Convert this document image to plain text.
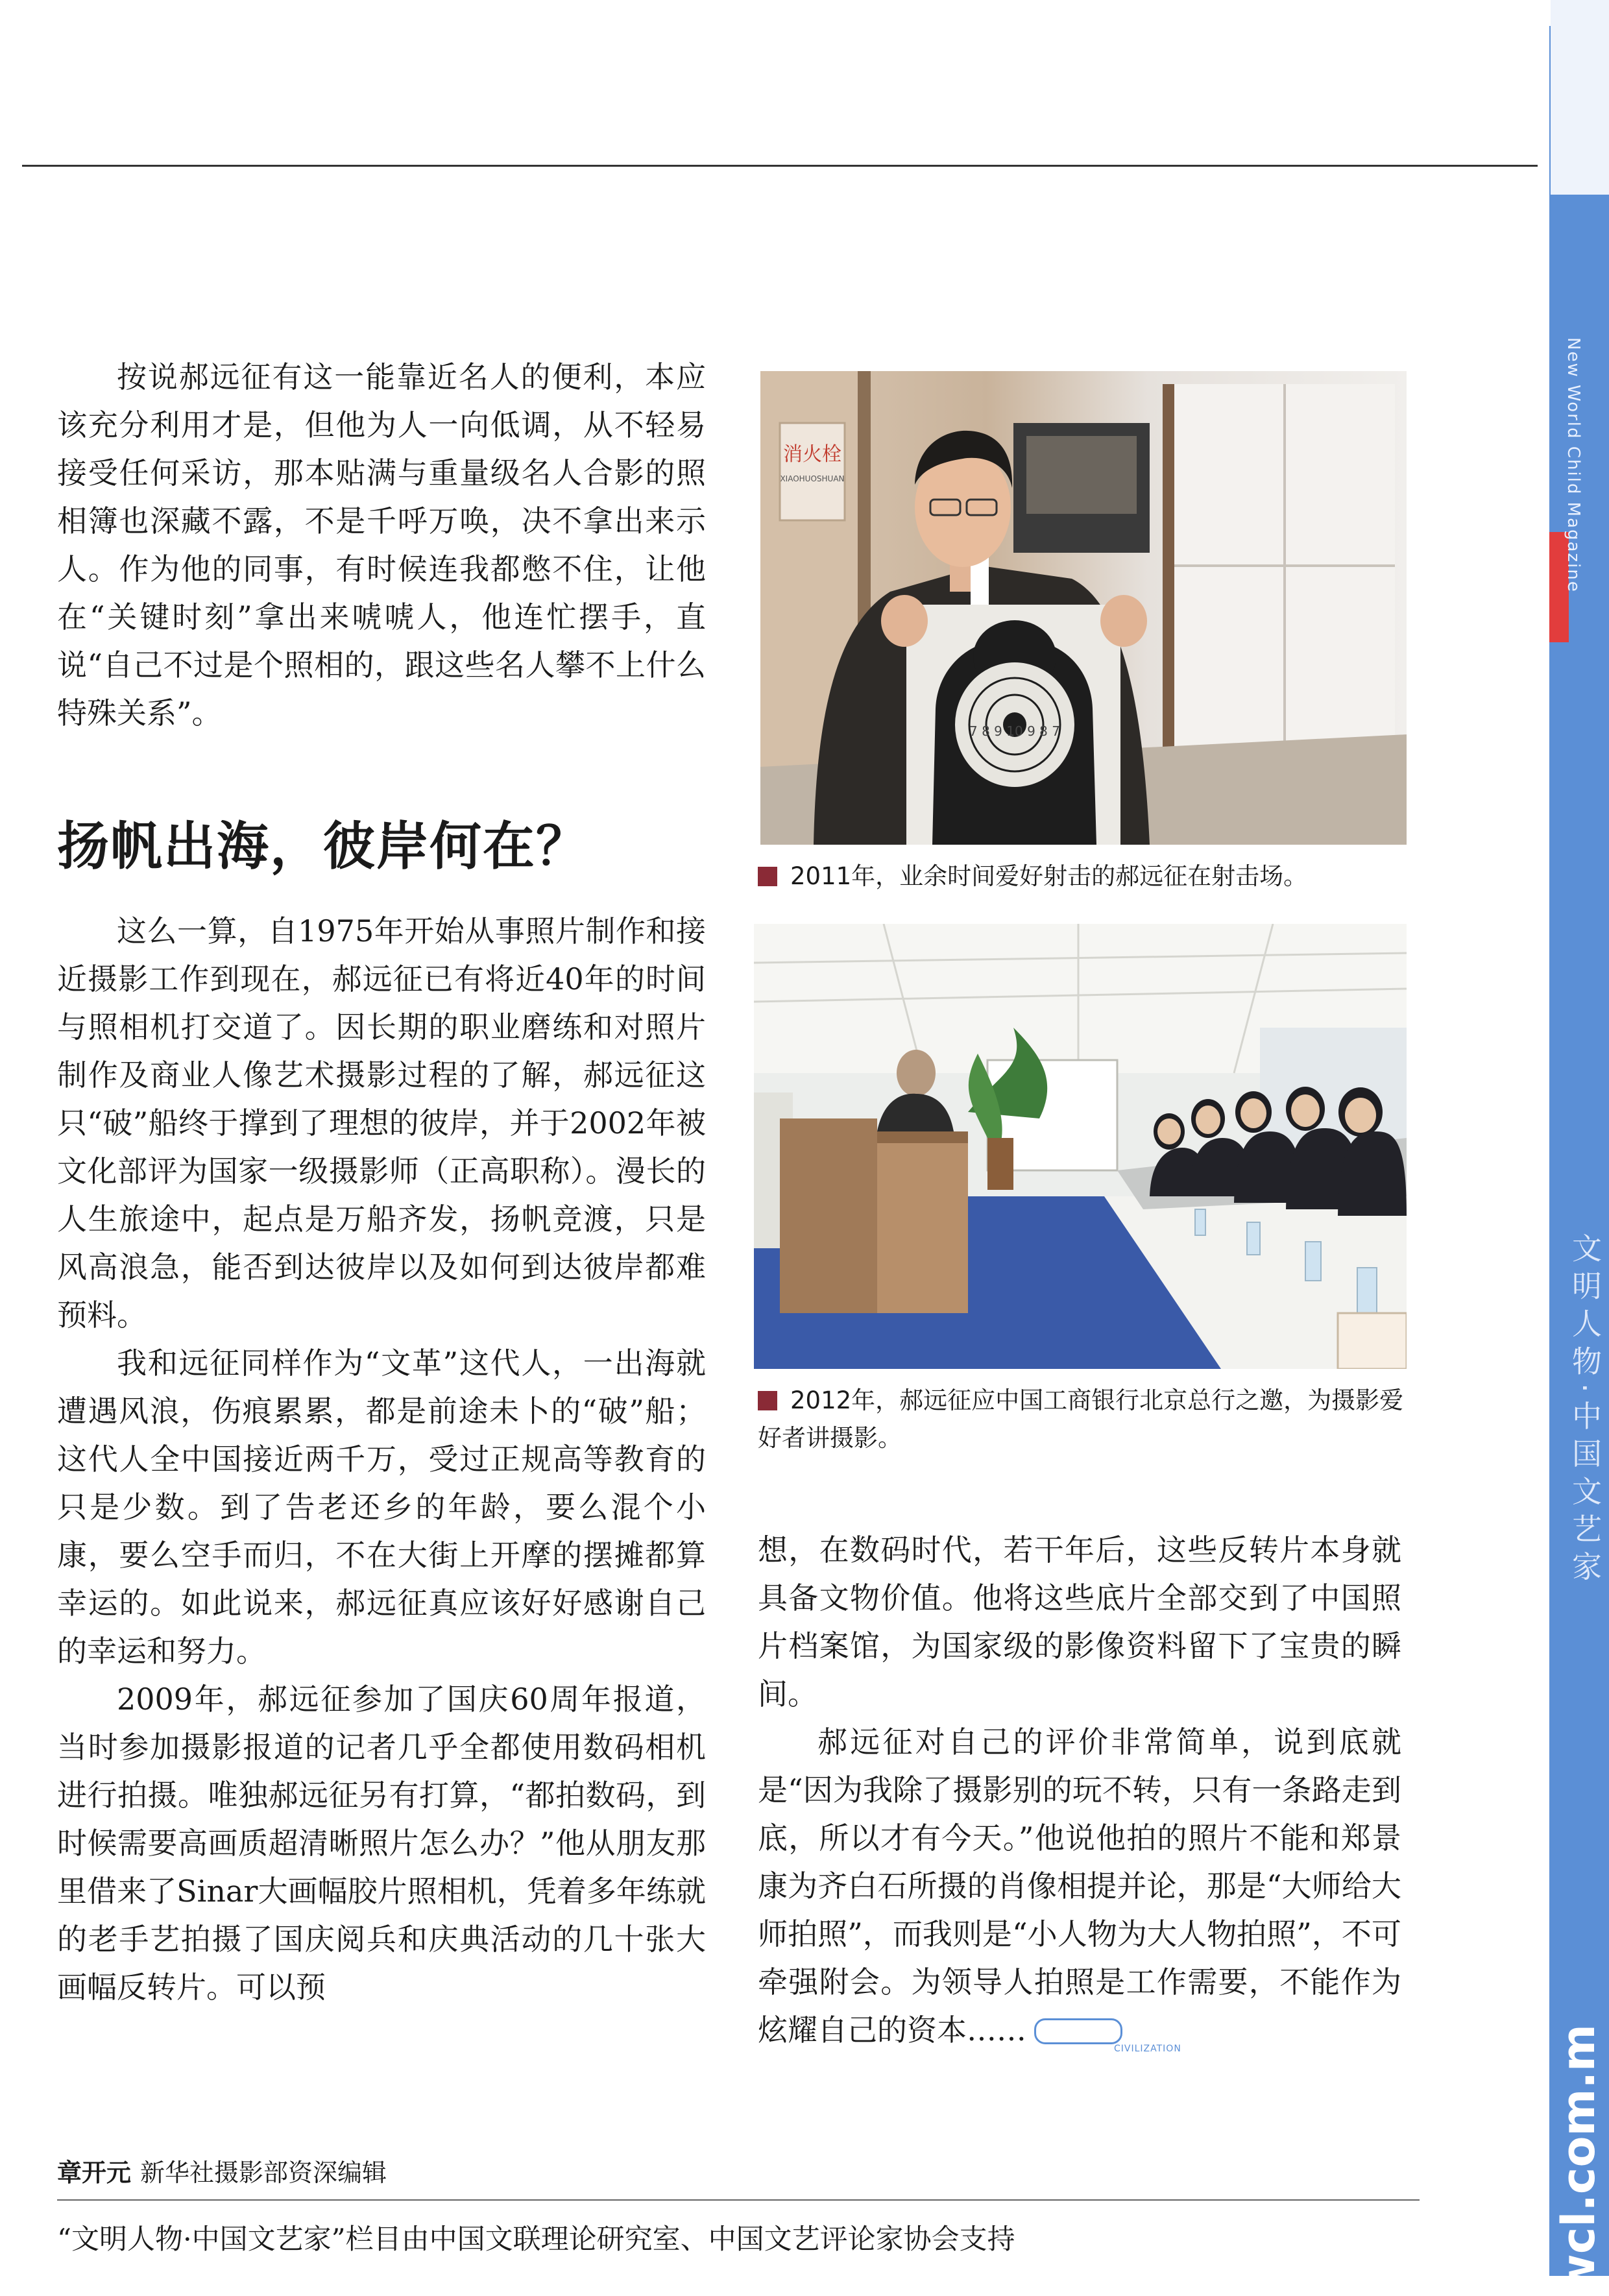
New World Child Magazine
文明人物·中国文艺家
wcl.com.m

按说郝远征有这一能靠近名人的便利，本应该充分利用才是，但他为人一向低调，从不轻易接受任何采访，那本贴满与重量级名人合影的照相簿也深藏不露，不是千呼万唤，决不拿出来示人。作为他的同事，有时候连我都憋不住，让他在“关键时刻”拿出来唬唬人，他连忙摆手，直说“自己不过是个照相的，跟这些名人攀不上什么特殊关系”。

扬帆出海，彼岸何在？

这么一算，自1975年开始从事照片制作和接近摄影工作到现在，郝远征已有将近40年的时间与照相机打交道了。因长期的职业磨练和对照片制作及商业人像艺术摄影过程的了解，郝远征这只“破”船终于撑到了理想的彼岸，并于2002年被文化部评为国家一级摄影师（正高职称）。漫长的人生旅途中，起点是万船齐发，扬帆竞渡，只是风高浪急，能否到达彼岸以及如何到达彼岸都难预料。

我和远征同样作为“文革”这代人，一出海就遭遇风浪，伤痕累累，都是前途未卜的“破”船；这代人全中国接近两千万，受过正规高等教育的只是少数。到了告老还乡的年龄，要么混个小康，要么空手而归，不在大街上开摩的摆摊都算幸运的。如此说来，郝远征真应该好好感谢自己的幸运和努力。

2009年，郝远征参加了国庆60周年报道，当时参加摄影报道的记者几乎全都使用数码相机进行拍摄。唯独郝远征另有打算，“都拍数码，到时候需要高画质超清晰照片怎么办？”他从朋友那里借来了Sinar大画幅胶片照相机，凭着多年练就的老手艺拍摄了国庆阅兵和庆典活动的几十张大画幅反转片。可以预

消火栓
XIAOHUOSHUAN
7 8 9 10 9 8 7
2011年，业余时间爱好射击的郝远征在射击场。
2012年，郝远征应中国工商银行北京总行之邀，为摄影爱好者讲摄影。

想，在数码时代，若干年后，这些反转片本身就具备文物价值。他将这些底片全部交到了中国照片档案馆，为国家级的影像资料留下了宝贵的瞬间。

郝远征对自己的评价非常简单，说到底就是“因为我除了摄影别的玩不转，只有一条路走到底，所以才有今天。”他说他拍的照片不能和郑景康为齐白石所摄的肖像相提并论，那是“大师给大师拍照”，而我则是“小人物为大人物拍照”，不可牵强附会。为领导人拍照是工作需要，不能作为炫耀自己的资本……
CIVILIZATION

章开元 新华社摄影部资深编辑
“文明人物·中国文艺家”栏目由中国文联理论研究室、中国文艺评论家协会支持
